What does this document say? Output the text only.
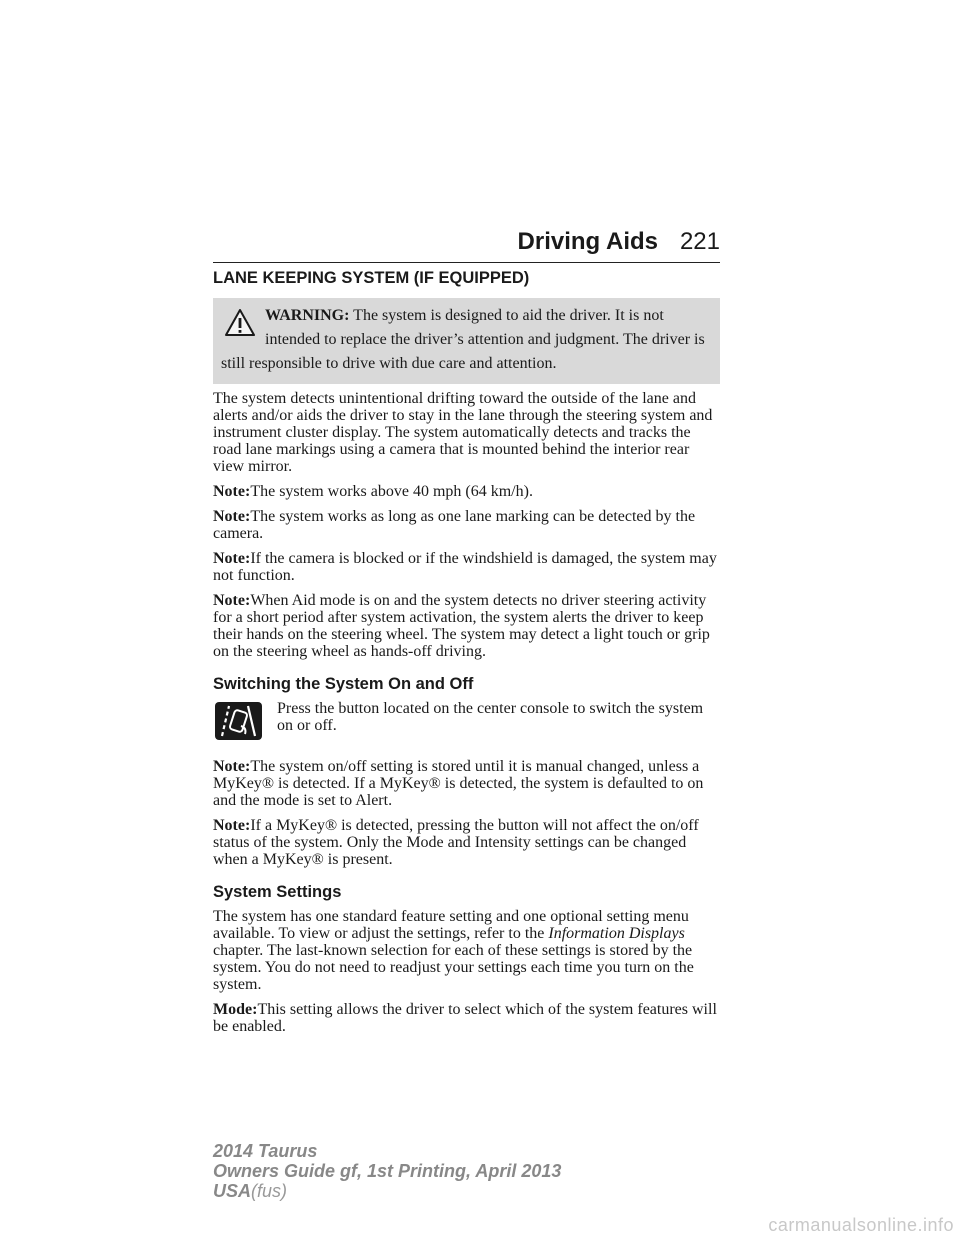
Driving Aids 221
LANE KEEPING SYSTEM (IF EQUIPPED)
WARNING: The system is designed to aid the driver. It is not intended to replace the driver’s attention and judgment. The driver is still responsible to drive with due care and attention.

The system detects unintentional drifting toward the outside of the lane and alerts and/or aids the driver to stay in the lane through the steering system and instrument cluster display. The system automatically detects and tracks the road lane markings using a camera that is mounted behind the interior rear view mirror.

Note:The system works above 40 mph (64 km/h).

Note:The system works as long as one lane marking can be detected by the camera.

Note:If the camera is blocked or if the windshield is damaged, the system may not function.

Note:When Aid mode is on and the system detects no driver steering activity for a short period after system activation, the system alerts the driver to keep their hands on the steering wheel. The system may detect a light touch or grip on the steering wheel as hands-off driving.

Switching the System On and Off
Press the button located on the center console to switch the system on or off.

Note:The system on/off setting is stored until it is manual changed, unless a MyKey® is detected. If a MyKey® is detected, the system is defaulted to on and the mode is set to Alert.

Note:If a MyKey® is detected, pressing the button will not affect the on/off status of the system. Only the Mode and Intensity settings can be changed when a MyKey® is present.

System Settings

The system has one standard feature setting and one optional setting menu available. To view or adjust the settings, refer to the Information Displays chapter. The last-known selection for each of these settings is stored by the system. You do not need to readjust your settings each time you turn on the system.

Mode:This setting allows the driver to select which of the system features will be enabled.

2014 Taurus
Owners Guide gf, 1st Printing, April 2013
USA(fus)
carmanualsonline.info
